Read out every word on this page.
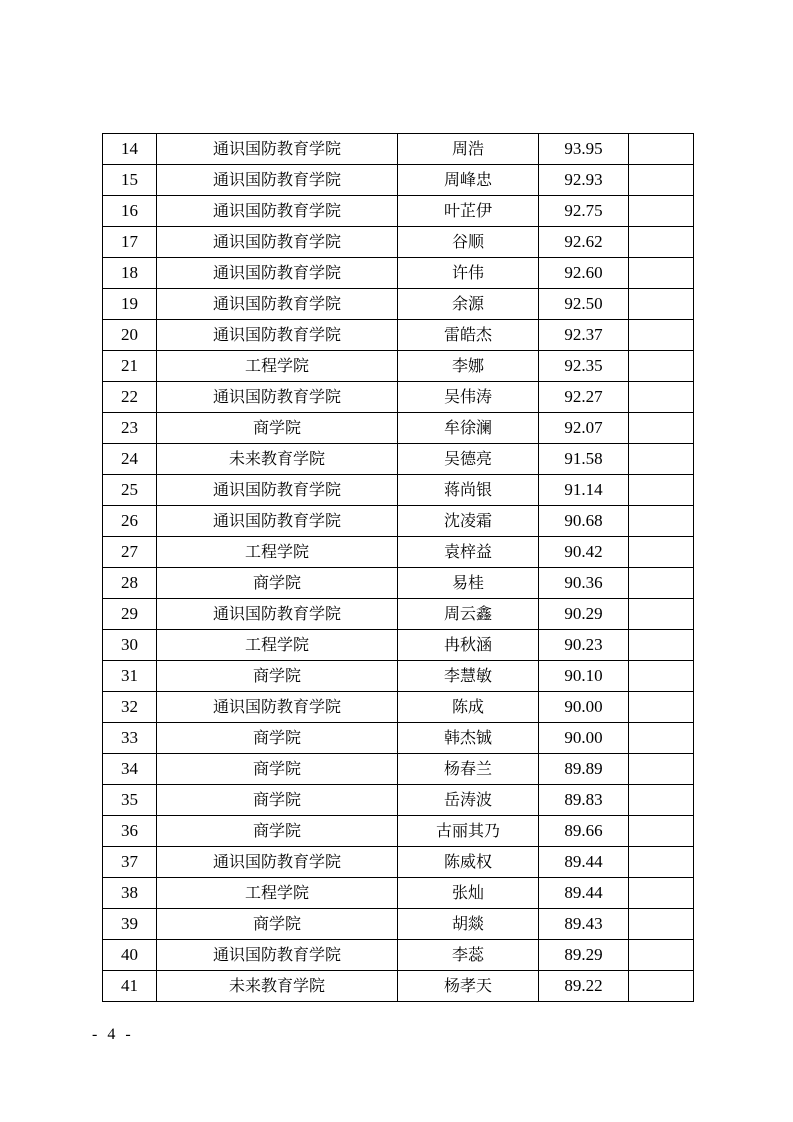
14	通识国防教育学院	周浩	93.95	
15	通识国防教育学院	周峰忠	92.93	
16	通识国防教育学院	叶芷伊	92.75	
17	通识国防教育学院	谷顺	92.62	
18	通识国防教育学院	许伟	92.60	
19	通识国防教育学院	余源	92.50	
20	通识国防教育学院	雷皓杰	92.37	
21	工程学院	李娜	92.35	
22	通识国防教育学院	吴伟涛	92.27	
23	商学院	牟徐澜	92.07	
24	未来教育学院	吴德亮	91.58	
25	通识国防教育学院	蒋尚银	91.14	
26	通识国防教育学院	沈凌霜	90.68	
27	工程学院	袁梓益	90.42	
28	商学院	易桂	90.36	
29	通识国防教育学院	周云鑫	90.29	
30	工程学院	冉秋涵	90.23	
31	商学院	李慧敏	90.10	
32	通识国防教育学院	陈成	90.00	
33	商学院	韩杰铖	90.00	
34	商学院	杨春兰	89.89	
35	商学院	岳涛波	89.83	
36	商学院	古丽其乃	89.66	
37	通识国防教育学院	陈威权	89.44	
38	工程学院	张灿	89.44	
39	商学院	胡燚	89.43	
40	通识国防教育学院	李蕊	89.29	
41	未来教育学院	杨孝天	89.22	
- 4 -
